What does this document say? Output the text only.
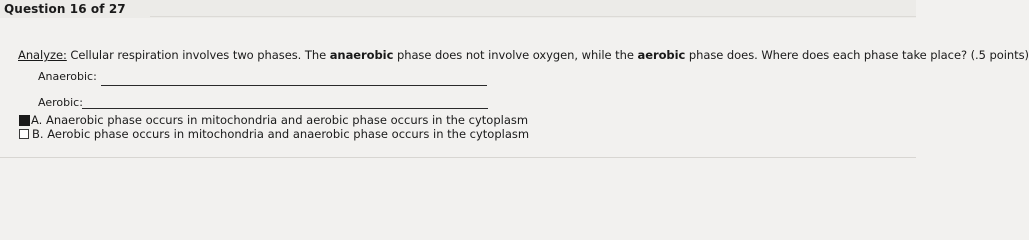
Question 16 of 27
Analyze: Cellular respiration involves two phases. The anaerobic phase does not involve oxygen, while the aerobic phase does. Where does each phase take place? (.5 points)
Anaerobic:
Aerobic:
A. Anaerobic phase occurs in mitochondria and aerobic phase occurs in the cytoplasm
B. Aerobic phase occurs in mitochondria and anaerobic phase occurs in the cytoplasm
